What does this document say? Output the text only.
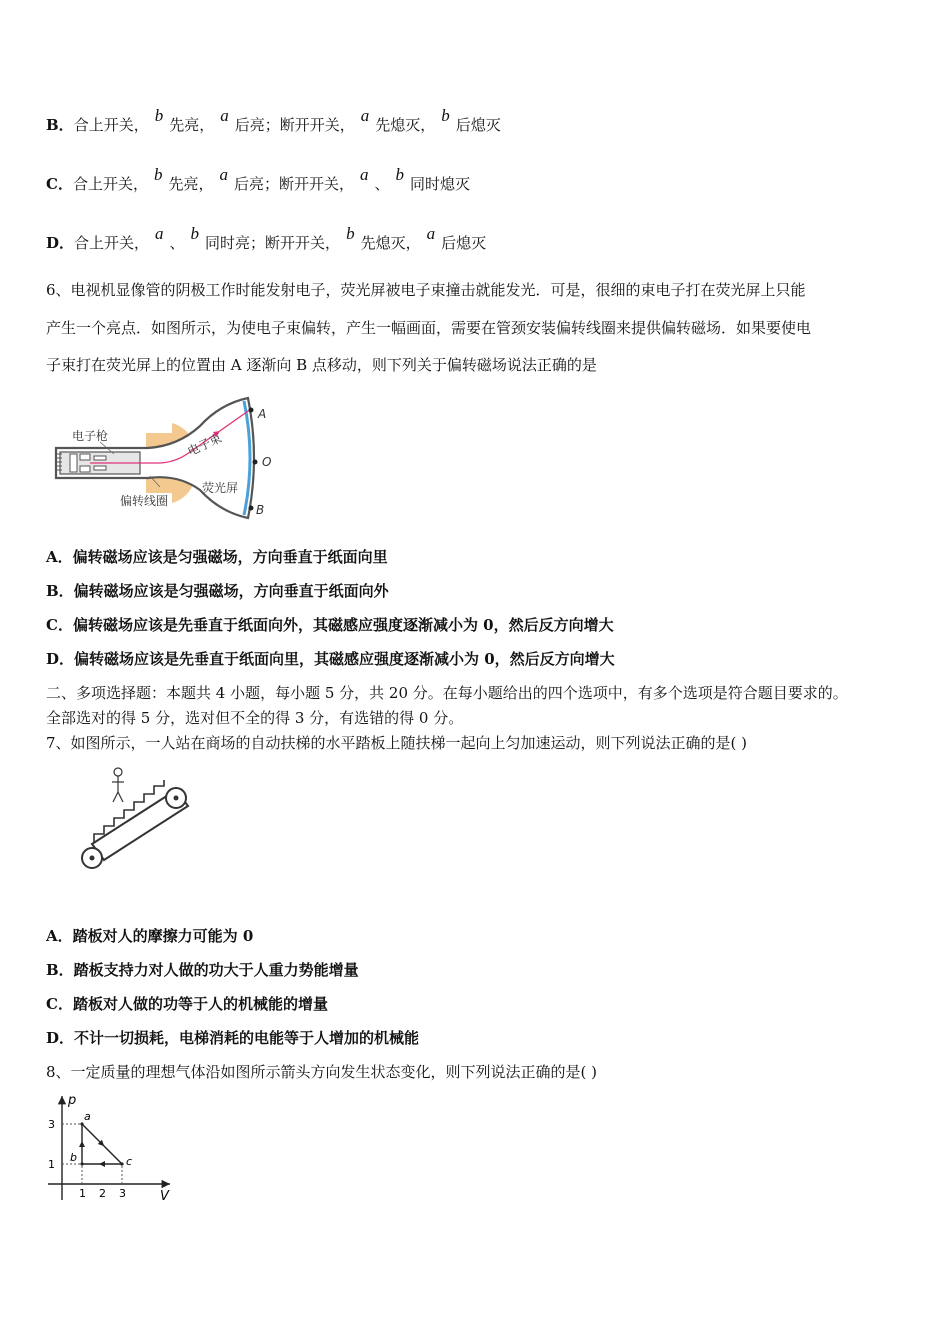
B．合上开关， b 先亮， a 后亮；断开开关， a 先熄灭， b 后熄灭
C．合上开关， b 先亮， a 后亮；断开开关， a 、 b 同时熄灭
D．合上开关， a 、 b 同时亮；断开开关， b 先熄灭， a 后熄灭
6、电视机显像管的阴极工作时能发射电子，荧光屏被电子束撞击就能发光．可是，很细的束电子打在荧光屏上只能
产生一个亮点．如图所示，为使电子束偏转，产生一幅画面，需要在管颈安装偏转线圈来提供偏转磁场．如果要使电
子束打在荧光屏上的位置由 A 逐渐向 B 点移动，则下列关于偏转磁场说法正确的是
电子枪	电子束
荧光屏
偏转线圈
A
O
B
A．偏转磁场应该是匀强磁场，方向垂直于纸面向里
B．偏转磁场应该是匀强磁场，方向垂直于纸面向外
C．偏转磁场应该是先垂直于纸面向外，其磁感应强度逐渐减小为 0，然后反方向增大
D．偏转磁场应该是先垂直于纸面向里，其磁感应强度逐渐减小为 0，然后反方向增大
二、多项选择题：本题共 4 小题，每小题 5 分，共 20 分。在每小题给出的四个选项中，有多个选项是符合题目要求的。
全部选对的得 5 分，选对但不全的得 3 分，有选错的得 0 分。
7、如图所示，一人站在商场的自动扶梯的水平踏板上随扶梯一起向上匀加速运动，则下列说法正确的是( )
A．踏板对人的摩擦力可能为 0
B．踏板支持力对人做的功大于人重力势能增量
C．踏板对人做的功等于人的机械能的增量
D．不计一切损耗，电梯消耗的电能等于人增加的机械能
8、一定质量的理想气体沿如图所示箭头方向发生状态变化，则下列说法正确的是( )
V
p
1 2 3
1
3
a
b	c
